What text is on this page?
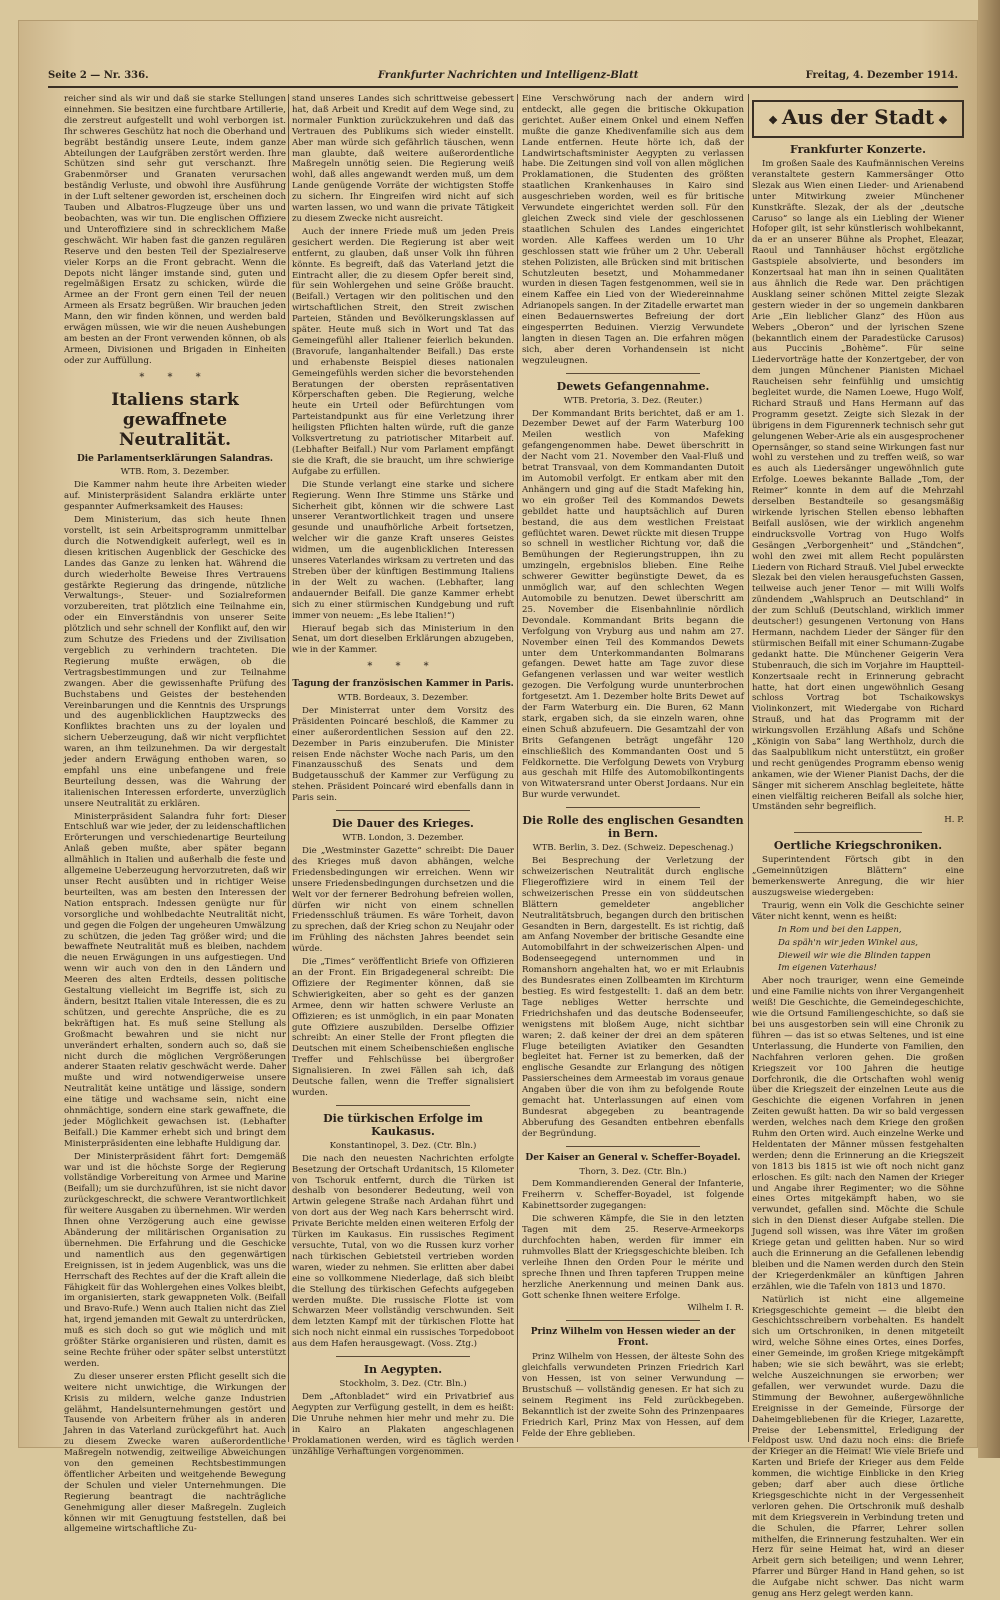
Seite 2 — Nr. 336.	Frankfurter Nachrichten und Intelligenz-Blatt	Freitag, 4. Dezember 1914.

reicher sind als wir und daß sie starke Stellungen einnehmen. Sie besitzen eine furchtbare Artillerie, die zerstreut aufgestellt und wohl verborgen ist. Ihr schweres Geschütz hat noch die Oberhand und begräbt beständig unsere Leute, indem ganze Abteilungen der Laufgräben zerstört werden. Ihre Schützen sind sehr gut verschanzt. Ihre Grabenmörser und Granaten verursachen beständig Verluste, und obwohl ihre Ausführung in der Luft seltener geworden ist, erscheinen doch Tauben und Albatros-Flugzeuge über uns und beobachten, was wir tun. Die englischen Offiziere und Unteroffiziere sind in schrecklichem Maße geschwächt. Wir haben fast die ganzen regulären Reserve und den besten Teil der Spezialreserve vieler Korps an die Front gebracht. Wenn die Depots nicht länger imstande sind, guten und regelmäßigen Ersatz zu schicken, würde die Armee an der Front gern einen Teil der neuen Armeen als Ersatz begrüßen. Wir brauchen jeden Mann, den wir finden können, und werden bald erwägen müssen, wie wir die neuen Aushebungen am besten an der Front verwenden können, ob als Armeen, Divisionen und Brigaden in Einheiten oder zur Auffüllung.

* * *
Italiens stark gewaffnete Neutralität.
Die Parlamentserklärungen Salandras.
WTB. Rom, 3. Dezember.

Die Kammer nahm heute ihre Arbeiten wieder auf. Ministerpräsident Salandra erklärte unter gespannter Aufmerksamkeit des Hauses:

Dem Ministerium, das sich heute Ihnen vorstellt, ist sein Arbeitsprogramm unmittelbar durch die Notwendigkeit auferlegt, weil es in diesen kritischen Augenblick der Geschicke des Landes das Ganze zu lenken hat. Während die durch wiederholte Beweise Ihres Vertrauens gestärkte Regierung das dringende, nützliche Verwaltungs-, Steuer- und Sozialreformen vorzubereiten, trat plötzlich eine Teilnahme ein, oder ein Einverständnis von unserer Seite plötzlich und sehr schnell der Konflikt auf, den wir zum Schutze des Friedens und der Zivilisation vergeblich zu verhindern trachteten. Die Regierung mußte erwägen, ob die Vertragsbestimmungen und zur Teilnahme zwangen. Aber die gewissenhafte Prüfung des Buchstabens und Geistes der bestehenden Vereinbarungen und die Kenntnis des Ursprungs und des augenblicklichen Hauptzwecks des Konfliktes brachten uns zu der loyalen und sichern Ueberzeugung, daß wir nicht verpflichtet waren, an ihm teilzunehmen. Da wir dergestalt jeder andern Erwägung enthoben waren, so empfahl uns eine unbefangene und freie Beurteilung dessen, was die Wahrung der italienischen Interessen erforderte, unverzüglich unsere Neutralität zu erklären.

Ministerpräsident Salandra fuhr fort: Dieser Entschluß war wie jeder, der zu leidenschaftlichen Erörterungen und verschiedenartige Beurteilung Anlaß geben mußte, aber später begann allmählich in Italien und außerhalb die feste und allgemeine Ueberzeugung hervorzutreten, daß wir unser Recht ausübten und in richtiger Weise beurteilten, was am besten den Interessen der Nation entsprach. Indessen genügte nur für vorsorgliche und wohlbedachte Neutralität nicht, und gegen die Folgen der ungeheuren Umwälzung zu schützen, die jeden Tag größer wird; und die bewaffnete Neutralität muß es bleiben, nachdem die neuen Erwägungen in uns aufgestiegen. Und wenn wir auch von den in den Ländern und Meeren des alten Erdteils, dessen politische Gestaltung vielleicht im Begriffe ist, sich zu ändern, besitzt Italien vitale Interessen, die es zu schützen, und gerechte Ansprüche, die es zu bekräftigen hat. Es muß seine Stellung als Großmacht bewahren und sie nicht nur unverändert erhalten, sondern auch so, daß sie nicht durch die möglichen Vergrößerungen anderer Staaten relativ geschwächt werde. Daher mußte und wird notwendigerweise unsere Neutralität keine untätige und lässige, sondern eine tätige und wachsame sein, nicht eine ohnmächtige, sondern eine stark gewaffnete, die jeder Möglichkeit gewachsen ist. (Lebhafter Beifall.) Die Kammer erhebt sich und bringt dem Ministerpräsidenten eine lebhafte Huldigung dar.

Der Ministerpräsident fährt fort: Demgemäß war und ist die höchste Sorge der Regierung vollständige Vorbereitung von Armee und Marine (Beifall); um sie durchzuführen, ist sie nicht davor zurückgeschreckt, die schwere Verantwortlichkeit für weitere Ausgaben zu übernehmen. Wir werden Ihnen ohne Verzögerung auch eine gewisse Abänderung der militärischen Organisation zu übernehmen. Die Erfahrung und die Geschicke und namentlich aus den gegenwärtigen Ereignissen, ist in jedem Augenblick, was uns die Herrschaft des Rechtes auf der die Kraft allein die Fähigkeit für das Wohlergehen eines Volkes bleibt, im organisierten, stark gewappneten Volk. (Beifall und Bravo-Rufe.) Wenn auch Italien nicht das Ziel hat, irgend jemanden mit Gewalt zu unterdrücken, muß es sich doch so gut wie möglich und mit größter Stärke organisieren und rüsten, damit es seine Rechte früher oder später selbst unterstützt werden.

Zu dieser unserer ersten Pflicht gesellt sich die weitere nicht unwichtige, die Wirkungen der Krisis zu mildern, welche ganze Industrien gelähmt, Handelsunternehmungen gestört und Tausende von Arbeitern früher als in anderen Jahren in das Vaterland zurückgeführt hat. Auch zu diesem Zwecke waren außerordentliche Maßregeln notwendig, zeitweilige Abweichungen von den gemeinen Rechtsbestimmungen öffentlicher Arbeiten und weitgehende Bewegung der Schulen und vieler Unternehmungen. Die Regierung beantragt die nachträgliche Genehmigung aller dieser Maßregeln. Zugleich können wir mit Genugtuung feststellen, daß bei allgemeine wirtschaftliche Zu-

stand unseres Landes sich schrittweise gebessert hat, daß Arbeit und Kredit auf dem Wege sind, zu normaler Funktion zurückzukehren und daß das Vertrauen des Publikums sich wieder einstellt. Aber man würde sich gefährlich täuschen, wenn man glaubte, daß weitere außerordentliche Maßregeln unnötig seien. Die Regierung weiß wohl, daß alles angewandt werden muß, um dem Lande genügende Vorräte der wichtigsten Stoffe zu sichern. Ihr Eingreifen wird nicht auf sich warten lassen, wo und wann die private Tätigkeit zu diesem Zwecke nicht ausreicht.

Auch der innere Friede muß um jeden Preis gesichert werden. Die Regierung ist aber weit entfernt, zu glauben, daß unser Volk ihn führen könnte. Es begreift, daß das Vaterland jetzt die Eintracht aller, die zu diesem Opfer bereit sind, für sein Wohlergehen und seine Größe braucht. (Beifall.) Vertagen wir den politischen und den wirtschaftlichen Streit, den Streit zwischen Parteien, Ständen und Bevölkerungsklassen auf später. Heute muß sich in Wort und Tat das Gemeingefühl aller Italiener feierlich bekunden. (Bravorufe, langanhaltender Beifall.) Das erste und erhabenste Beispiel dieses nationalen Gemeingefühls werden sicher die bevorstehenden Beratungen der obersten repräsentativen Körperschaften geben. Die Regierung, welche heute ein Urteil oder Befürchtungen vom Parteistandpunkt aus für eine Verletzung ihrer heiligsten Pflichten halten würde, ruft die ganze Volksvertretung zu patriotischer Mitarbeit auf. (Lebhafter Beifall.) Nur vom Parlament empfängt sie die Kraft, die sie braucht, um ihre schwierige Aufgabe zu erfüllen.

Die Stunde verlangt eine starke und sichere Regierung. Wenn Ihre Stimme uns Stärke und Sicherheit gibt, können wir die schwere Last unserer Verantwortlichkeit tragen und unsere gesunde und unaufhörliche Arbeit fortsetzen, welcher wir die ganze Kraft unseres Geistes widmen, um die augenblicklichen Interessen unseres Vaterlandes wirksam zu vertreten und das Streben über der künftigen Bestimmung Italiens in der Welt zu wachen. (Lebhafter, lang andauernder Beifall. Die ganze Kammer erhebt sich zu einer stürmischen Kundgebung und ruft immer von neuem: „Es lebe Italien!“)

Hierauf begab sich das Ministerium in den Senat, um dort dieselben Erklärungen abzugeben, wie in der Kammer.

* * *
Tagung der französischen Kammer in Paris.
WTB. Bordeaux, 3. Dezember.

Der Ministerrat unter dem Vorsitz des Präsidenten Poincaré beschloß, die Kammer zu einer außerordentlichen Session auf den 22. Dezember in Paris einzuberufen. Die Minister reisen Ende nächster Woche nach Paris, um den Finanzausschuß des Senats und dem Budgetausschuß der Kammer zur Verfügung zu stehen. Präsident Poincaré wird ebenfalls dann in Paris sein.

Die Dauer des Krieges.
WTB. London, 3. Dezember.

Die „Westminster Gazette“ schreibt: Die Dauer des Krieges muß davon abhängen, welche Friedensbedingungen wir erreichen. Wenn wir unsere Friedensbedingungen durchsetzen und die Welt vor der fernerer Bedrohung befreien wollen, dürfen wir nicht von einem schnellen Friedensschluß träumen. Es wäre Torheit, davon zu sprechen, daß der Krieg schon zu Neujahr oder im Frühling des nächsten Jahres beendet sein würde.

Die „Times“ veröffentlicht Briefe von Offizieren an der Front. Ein Brigadegeneral schreibt: Die Offiziere der Regimenter können, daß sie Schwierigkeiten, aber so geht es der ganzen Armee, denn wir hatten schwere Verluste an Offizieren; es ist unmöglich, in ein paar Monaten gute Offiziere auszubilden. Derselbe Offizier schreibt: An einer Stelle der Front pflegten die Deutschen mit einem Scheibenschießen englische Treffer und Fehlschüsse bei übergroßer Signalisieren. In zwei Fällen sah ich, daß Deutsche fallen, wenn die Treffer signalisiert wurden.

Die türkischen Erfolge im Kaukasus.
Konstantinopel, 3. Dez. (Ctr. Bln.)

Die nach den neuesten Nachrichten erfolgte Besetzung der Ortschaft Urdanitsch, 15 Kilometer von Tschoruk entfernt, durch die Türken ist deshalb von besonderer Bedeutung, weil von Artwin gelegene Straße nach Ardahan führt und von dort aus der Weg nach Kars beherrscht wird. Private Berichte melden einen weiteren Erfolg der Türken im Kaukasus. Ein russisches Regiment versuchte, Tutal, von wo die Russen kurz vorher nach türkischen Gebietsteil vertrieben worden waren, wieder zu nehmen. Sie erlitten aber dabei eine so vollkommene Niederlage, daß sich bleibt die Stellung des türkischen Gefechts aufgegeben werden mußte. Die russische Flotte ist vom Schwarzen Meer vollständig verschwunden. Seit dem letzten Kampf mit der türkischen Flotte hat sich noch nicht einmal ein russisches Torpedoboot aus dem Hafen herausgewagt. (Voss. Ztg.)

In Aegypten.
Stockholm, 3. Dez. (Ctr. Bln.)

Dem „Aftonbladet“ wird ein Privatbrief aus Aegypten zur Verfügung gestellt, in dem es heißt: Die Unruhe nehmen hier mehr und mehr zu. Die in Kairo an Plakaten angeschlagenen Proklamationen werden, wird es täglich werden unzählige Verhaftungen vorgenommen.

Eine Verschwörung nach der andern wird entdeckt, alle gegen die britische Okkupation gerichtet. Außer einem Onkel und einem Neffen mußte die ganze Khedivenfamilie sich aus dem Lande entfernen. Heute hörte ich, daß der Landwirtschaftsminister Aegypten zu verlassen habe. Die Zeitungen sind voll von allen möglichen Proklamationen, die Studenten des größten staatlichen Krankenhauses in Kairo sind ausgeschrieben worden, weil es für britische Verwundete eingerichtet werden soll. Für den gleichen Zweck sind viele der geschlossenen staatlichen Schulen des Landes eingerichtet worden. Alle Kaffees werden um 10 Uhr geschlossen statt wie früher um 2 Uhr. Ueberall stehen Polizisten, alle Brücken sind mit britischen Schutzleuten besetzt, und Mohammedaner wurden in diesen Tagen festgenommen, weil sie in einem Kaffee ein Lied von der Wiedereinnahme Adrianopels sangen. In der Zitadelle erwartet man einen Bedauernswertes Befreiung der dort eingesperrten Beduinen. Vierzig Verwundete langten in diesen Tagen an. Die erfahren mögen sich, aber deren Vorhandensein ist nicht wegzuleugnen.

Dewets Gefangennahme.
WTB. Pretoria, 3. Dez. (Reuter.)

Der Kommandant Brits berichtet, daß er am 1. Dezember Dewet auf der Farm Waterburg 100 Meilen westlich von Mafeking gefangengenommen habe. Dewet überschritt in der Nacht vom 21. November den Vaal-Fluß und betrat Transvaal, von dem Kommandanten Dutoit im Automobil verfolgt. Er entkam aber mit den Anhängern und ging auf die Stadt Mafeking hin, wo ein großer Teil des Kommandos Dewets gebildet hatte und hauptsächlich auf Duren bestand, die aus dem westlichen Freistaat geflüchtet waren. Dewet rückte mit diesen Truppe so schnell in westlicher Richtung vor, daß die Bemühungen der Regierungstruppen, ihn zu umzingeln, ergebnislos blieben. Eine Reihe schwerer Gewitter begünstigte Dewet, da es unmöglich war, auf den schlechten Wegen Automobile zu benutzen. Dewet überschritt am 25. November die Eisenbahnlinie nördlich Devondale. Kommandant Brits begann die Verfolgung von Vryburg aus und nahm am 27. November einen Teil des Kommandos Dewets unter dem Unterkommandanten Bolmarans gefangen. Dewet hatte am Tage zuvor diese Gefangenen verlassen und war weiter westlich gezogen. Die Verfolgung wurde ununterbrochen fortgesetzt. Am 1. Dezember holte Brits Dewet auf der Farm Waterburg ein. Die Buren, 62 Mann stark, ergaben sich, da sie einzeln waren, ohne einen Schuß abzufeuern. Die Gesamtzahl der von Brits Gefangenen beträgt ungefähr 120 einschließlich des Kommandanten Oost und 5 Feldkornette. Die Verfolgung Dewets von Vryburg aus geschah mit Hilfe des Automobilkontingents von Witwatersrand unter Oberst Jordaans. Nur ein Bur wurde verwundet.

Die Rolle des englischen Gesandten in Bern.
WTB. Berlin, 3. Dez. (Schweiz. Depeschenag.)

Bei Besprechung der Verletzung der schweizerischen Neutralität durch englische Fliegeroffiziere wird in einem Teil der schweizerischen Presse ein von süddeutschen Blättern gemeldeter angeblicher Neutralitätsbruch, begangen durch den britischen Gesandten in Bern, dargestellt. Es ist richtig, daß am Anfang November der britische Gesandte eine Automobilfahrt in der schweizerischen Alpen- und Bodenseegegend unternommen und in Romanshorn angehalten hat, wo er mit Erlaubnis des Bundesrates einen Zollbeamten im Kirchturm bestieg. Es wird festgestellt: 1. daß an dem betr. Tage nebliges Wetter herrschte und Friedrichshafen und das deutsche Bodenseeufer, wenigstens mit bloßem Auge, nicht sichtbar waren; 2. daß keiner der drei an dem späteren Fluge beteiligten Aviatiker den Gesandten begleitet hat. Ferner ist zu bemerken, daß der englische Gesandte zur Erlangung des nötigen Passierscheines dem Armeestab im voraus genaue Angaben über die von ihm zu befolgende Route gemacht hat. Unterlassungen auf einen vom Bundesrat abgegeben zu beantragende Abberufung des Gesandten entbehren ebenfalls der Begründung.

Der Kaiser an General v. Scheffer-Boyadel.
Thorn, 3. Dez. (Ctr. Bln.)

Dem Kommandierenden General der Infanterie, Freiherrn v. Scheffer-Boyadel, ist folgende Kabinettsorder zugegangen:

Die schweren Kämpfe, die Sie in den letzten Tagen mit dem 25. Reserve-Armeekorps durchfochten haben, werden für immer ein ruhmvolles Blatt der Kriegsgeschichte bleiben. Ich verleihe Ihnen den Orden Pour le mérite und spreche Ihnen und Ihren tapferen Truppen meine herzliche Anerkennung und meinen Dank aus. Gott schenke Ihnen weitere Erfolge.

Wilhelm I. R.
Prinz Wilhelm von Hessen wieder an der Front.

Prinz Wilhelm von Hessen, der älteste Sohn des gleichfalls verwundeten Prinzen Friedrich Karl von Hessen, ist von seiner Verwundung — Brustschuß — vollständig genesen. Er hat sich zu seinem Regiment ins Feld zurückbegeben. Bekanntlich ist der zweite Sohn des Prinzenpaares Friedrich Karl, Prinz Max von Hessen, auf dem Felde der Ehre geblieben.

❖ Aus der Stadt ❖
Frankfurter Konzerte.

Im großen Saale des Kaufmännischen Vereins veranstaltete gestern Kammersänger Otto Slezak aus Wien einen Lieder- und Arienabend unter Mitwirkung zweier Münchener Kunstkräfte. Slezak, der als der „deutsche Caruso“ so lange als ein Liebling der Wiener Hofoper gilt, ist sehr künstlerisch wohlbekannt, da er an unserer Bühne als Prophet, Eleazar, Raoul und Tannhäuser höchst ergötzliche Gastspiele absolvierte, und besonders im Konzertsaal hat man ihn in seinen Qualitäten aus ähnlich die Rede war. Den prächtigen Ausklang seiner schönen Mittel zeigte Slezak gestern wieder in der so ungemein dankbaren Arie „Ein lieblicher Glanz“ des Hüon aus Webers „Oberon“ und der lyrischen Szene (bekanntlich einem der Paradestücke Carusos) aus Puccinis „Bohème“. Für seine Liedervorträge hatte der Konzertgeber, der von dem jungen Münchener Pianisten Michael Raucheisen sehr feinfühlig und umsichtig begleitet wurde, die Namen Loewe, Hugo Wolf, Richard Strauß und Hans Hermann auf das Programm gesetzt. Zeigte sich Slezak in der übrigens in dem Figurennerk technisch sehr gut gelungenen Weber-Arie als ein ausgesprochener Opernsänger, so stand seine Wirkungen fast nur wohl zu verstehen und zu treffen weiß, so war es auch als Liedersänger ungewöhnlich gute Erfolge. Loewes bekannte Ballade „Tom, der Reimer“ konnte in dem auf die Mehrzahl derselben Bestandteile so gesangsmäßig wirkende lyrischen Stellen ebenso lebhaften Beifall auslösen, wie der wirklich angenehm eindrucksvolle Vortrag von Hugo Wolfs Gesängen „Verborgenheit“ und „Ständchen“, wohl den zwei mit allem Recht populärsten Liedern von Richard Strauß. Viel Jubel erweckte Slezak bei den vielen herausgefuchsten Gassen, teilweise auch jener Tenor — mit Willi Wolfs zündendem „Wahlspruch an Deutschland“ in der zum Schluß (Deutschland, wirklich immer deutscher!) gesungenen Vertonung von Hans Hermann, nachdem Lieder der Sänger für den stürmischen Beifall mit einer Schumann-Zugabe gedankt hatte. Die Münchener Geigerin Vera Stubenrauch, die sich im Vorjahre im Hauptteil-Konzertsaale recht in Erinnerung gebracht hatte, hat dort einen ungewöhnlich Gesang schloss Vortrag bot Tschaikowskys Violinkonzert, mit Wiedergabe von Richard Strauß, und hat das Programm mit der wirkungsvollen Erzählung Aßafs und Schöne „Königin von Saba“ lang Werthholz, durch die das Saalpublikum nicht unterstützt, ein großer und recht genügendes Programm ebenso wenig ankamen, wie der Wiener Pianist Dachs, der die Sänger mit sicherem Anschlag begleitete, hätte einen vielfältig reicheren Beifall als solche hier, Umständen sehr begreiflich.

H. P.
Oertliche Kriegschroniken.

Superintendent Förtsch gibt in den „Gemeinnützigen Blättern“ eine bemerkenswerte Anregung, die wir hier auszugsweise wiedergeben:

Traurig, wenn ein Volk die Geschichte seiner Väter nicht kennt, wenn es heißt:

In Rom und bei den Lappen,
Da späh'n wir jeden Winkel aus,
Dieweil wir wie die Blinden tappen
Im eigenen Vaterhaus!

Aber noch trauriger, wenn eine Gemeinde und eine Familie nichts von ihrer Vergangenheit weiß! Die Geschichte, die Gemeindegeschichte, wie die Ortsund Familiengeschichte, so daß sie bei uns ausgestorben sein will eine Chronik zu führen — das ist so etwas Seltenes, und ist eine Unterlassung, die Hunderte von Familien, den Nachfahren verloren gehen. Die großen Kriegszeit vor 100 Jahren die heutige Dorfchronik, die die Ortschaften wohl wenig über die Kriegszeit der einzelnen Leute aus die Geschichte die eigenen Vorfahren in jenen Zeiten gewußt hatten. Da wir so bald vergessen werden, welches nach dem Kriege den großen Ruhm den Orten wird. Auch einzelne Werke und Heldentaten der Männer müssen festgehalten werden; denn die Erinnerung an die Kriegszeit von 1813 bis 1815 ist wie oft noch nicht ganz erloschen. Es gilt: nach den Namen der Krieger und Angabe ihrer Regimenter; wo die Söhne eines Ortes mitgekämpft haben, wo sie verwundet, gefallen sind. Möchte die Schule sich in den Dienst dieser Aufgabe stellen. Die Jugend soll wissen, was ihre Väter im großen Kriege getan und gelitten haben. Nur so wird auch die Erinnerung an die Gefallenen lebendig bleiben und die Namen werden durch den Stein der Kriegerdenkmäler an künftigen Jahren erzählen, wie die Tafeln von 1813 und 1870.

Natürlich ist nicht eine allgemeine Kriegsgeschichte gemeint — die bleibt den Geschichtsschreibern vorbehalten. Es handelt sich um Ortschroniken, in denen mitgeteilt wird, welche Söhne eines Ortes, eines Dorfes, einer Gemeinde, im großen Kriege mitgekämpft haben; wie sie sich bewährt, was sie erlebt; welche Auszeichnungen sie erworben; wer gefallen, wer verwundet wurde. Dazu die Stimmung der Bewohner, außergewöhnliche Ereignisse in der Gemeinde, Fürsorge der Daheimgebliebenen für die Krieger, Lazarette, Preise der Lebensmittel, Erledigung der Feldpost usw. Und dazu noch eins: die Briefe der Krieger an die Heimat! Wie viele Briefe und Karten und Briefe der Krieger aus dem Felde kommen, die wichtige Einblicke in den Krieg geben; darf aber auch diese örtliche Kriegsgeschichte nicht in der Vergessenheit verloren gehen. Die Ortschronik muß deshalb mit dem Kriegsverein in Verbindung treten und die Schulen, die Pfarrer, Lehrer sollen mithelfen, die Erinnerung festzuhalten. Wer ein Herz für seine Heimat hat, wird an dieser Arbeit gern sich beteiligen; und wenn Lehrer, Pfarrer und Bürger Hand in Hand gehen, so ist die Aufgabe nicht schwer. Das nicht warm genug ans Herz gelegt werden kann.
